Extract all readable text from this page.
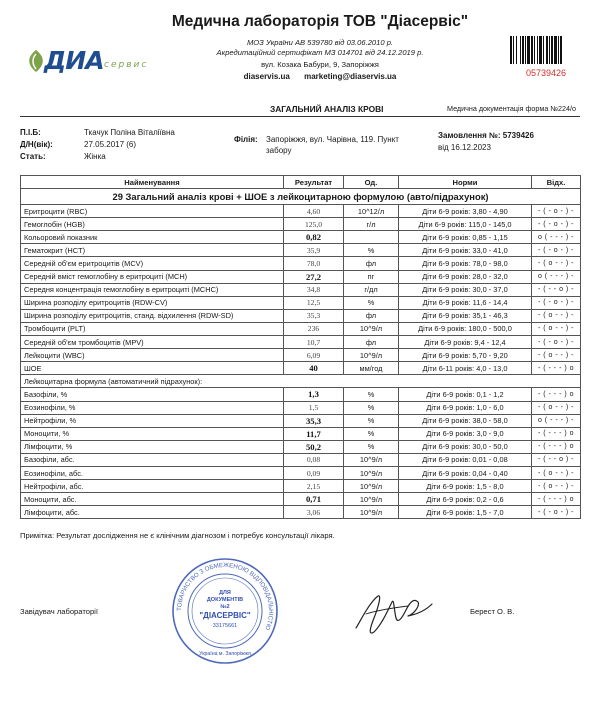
ДИА сервис
Медична лабораторія ТОВ "Діасервіс"
МОЗ України АВ 539780 від 03.06.2010 р.
Акредитаційний сертифікат МЗ 014701 від 24.12.2019 р.
вул. Козака Бабури, 9, Запоріжжя
diaservis.ua marketing@diaservis.ua	05739426
ЗАГАЛЬНИЙ АНАЛІЗ КРОВІ	Медична документація форма №224/о
П.І.Б:	Ткачук Поліна Віталіївна
Д/Н(вік):	27.05.2017 (6)
Стать:	Жінка
Філія: Запоріжжя, вул. Чарівна, 119. Пункт
забору
Замовлення №: 5739426
від 16.12.2023
Найменування	Результат	Од.	Норми	Відх.
29 Загальний аналіз крові + ШОЕ з лейкоцитарною формулою (авто/підрахунок)				
Еритроцити (RBC)	4,60	10^12/л	Діти 6-9 років: 3,80 - 4,90	- ( - o - ) -
Гемоглобін (HGB)	125,0	г/л	Діти 6-9 років: 115,0 - 145,0	- ( - o - ) -
Кольоровий показник	0,82		Діти 6-9 років: 0,85 - 1,15	o ( - - - ) -
Гематокрит (HCT)	35,9	%	Діти 6-9 років: 33,0 - 41,0	- ( - o - ) -
Середній об'єм еритроцитів (MCV)	78,0	фл	Діти 6-9 років: 78,0 - 98,0	- ( o - - ) -
Середній вміст гемоглобіну в еритроциті (MCH)	27,2	пг	Діти 6-9 років: 28,0 - 32,0	o ( - - - ) -
Середня концентрація гемоглобіну в еритроциті (MCHC)	34,8	г/дл	Діти 6-9 років: 30,0 - 37,0	- ( - - o ) -
Ширина розподілу еритроцитів (RDW-CV)	12,5	%	Діти 6-9 років: 11,6 - 14,4	- ( - o - ) -
Ширина розподілу еритроцитів, станд. відхилення (RDW-SD)	35,3	фл	Діти 6-9 років: 35,1 - 46,3	- ( o - - ) -
Тромбоцити (PLT)	236	10^9/л	Діти 6-9 років: 180,0 - 500,0	- ( o - - ) -
Середній об'єм тромбоцитів (MPV)	10,7	фл	Діти 6-9 років: 9,4 - 12,4	- ( - o - ) -
Лейкоцити (WBC)	6,09	10^9/л	Діти 6-9 років: 5,70 - 9,20	- ( o - - ) -
ШОЕ	40	мм/год	Діти 6-11 років: 4,0 - 13,0	- ( - - - ) o
Лейкоцитарна формула (автоматичний підрахунок):				
Базофіли, %	1,3	%	Діти 6-9 років: 0,1 - 1,2	- ( - - - ) o
Еозинофіли, %	1,5	%	Діти 6-9 років: 1,0 - 6,0	- ( o - - ) -
Нейтрофіли, %	35,3	%	Діти 6-9 років: 38,0 - 58,0	o ( - - - ) -
Моноцити, %	11,7	%	Діти 6-9 років: 3,0 - 9,0	- ( - - - ) o
Лімфоцити, %	50,2	%	Діти 6-9 років: 30,0 - 50,0	- ( - - - ) o
Базофіли, абс.	0,08	10^9/л	Діти 6-9 років: 0,01 - 0,08	- ( - - o ) -
Еозинофіли, абс.	0,09	10^9/л	Діти 6-9 років: 0,04 - 0,40	- ( o - - ) -
Нейтрофіли, абс.	2,15	10^9/л	Діти 6-9 років: 1,5 - 8,0	- ( o - - ) -
Моноцити, абс.	0,71	10^9/л	Діти 6-9 років: 0,2 - 0,6	- ( - - - ) o
Лімфоцити, абс.	3,06	10^9/л	Діти 6-9 років: 1,5 - 7,0	- ( - o - ) -
Примітка: Результат дослідження не є клінічним діагнозом і потребує консультації лікаря.
Завідувач лабораторії	Берест О. В.
ТОВАРИСТВО З ОБМЕЖЕНОЮ ВІДПОВІДАЛЬНІСТЮ
ДЛЯ
ДОКУМЕНТІВ
№2
"ДІАСЕРВІС"
33175661
Україна м. Запоріжжя
